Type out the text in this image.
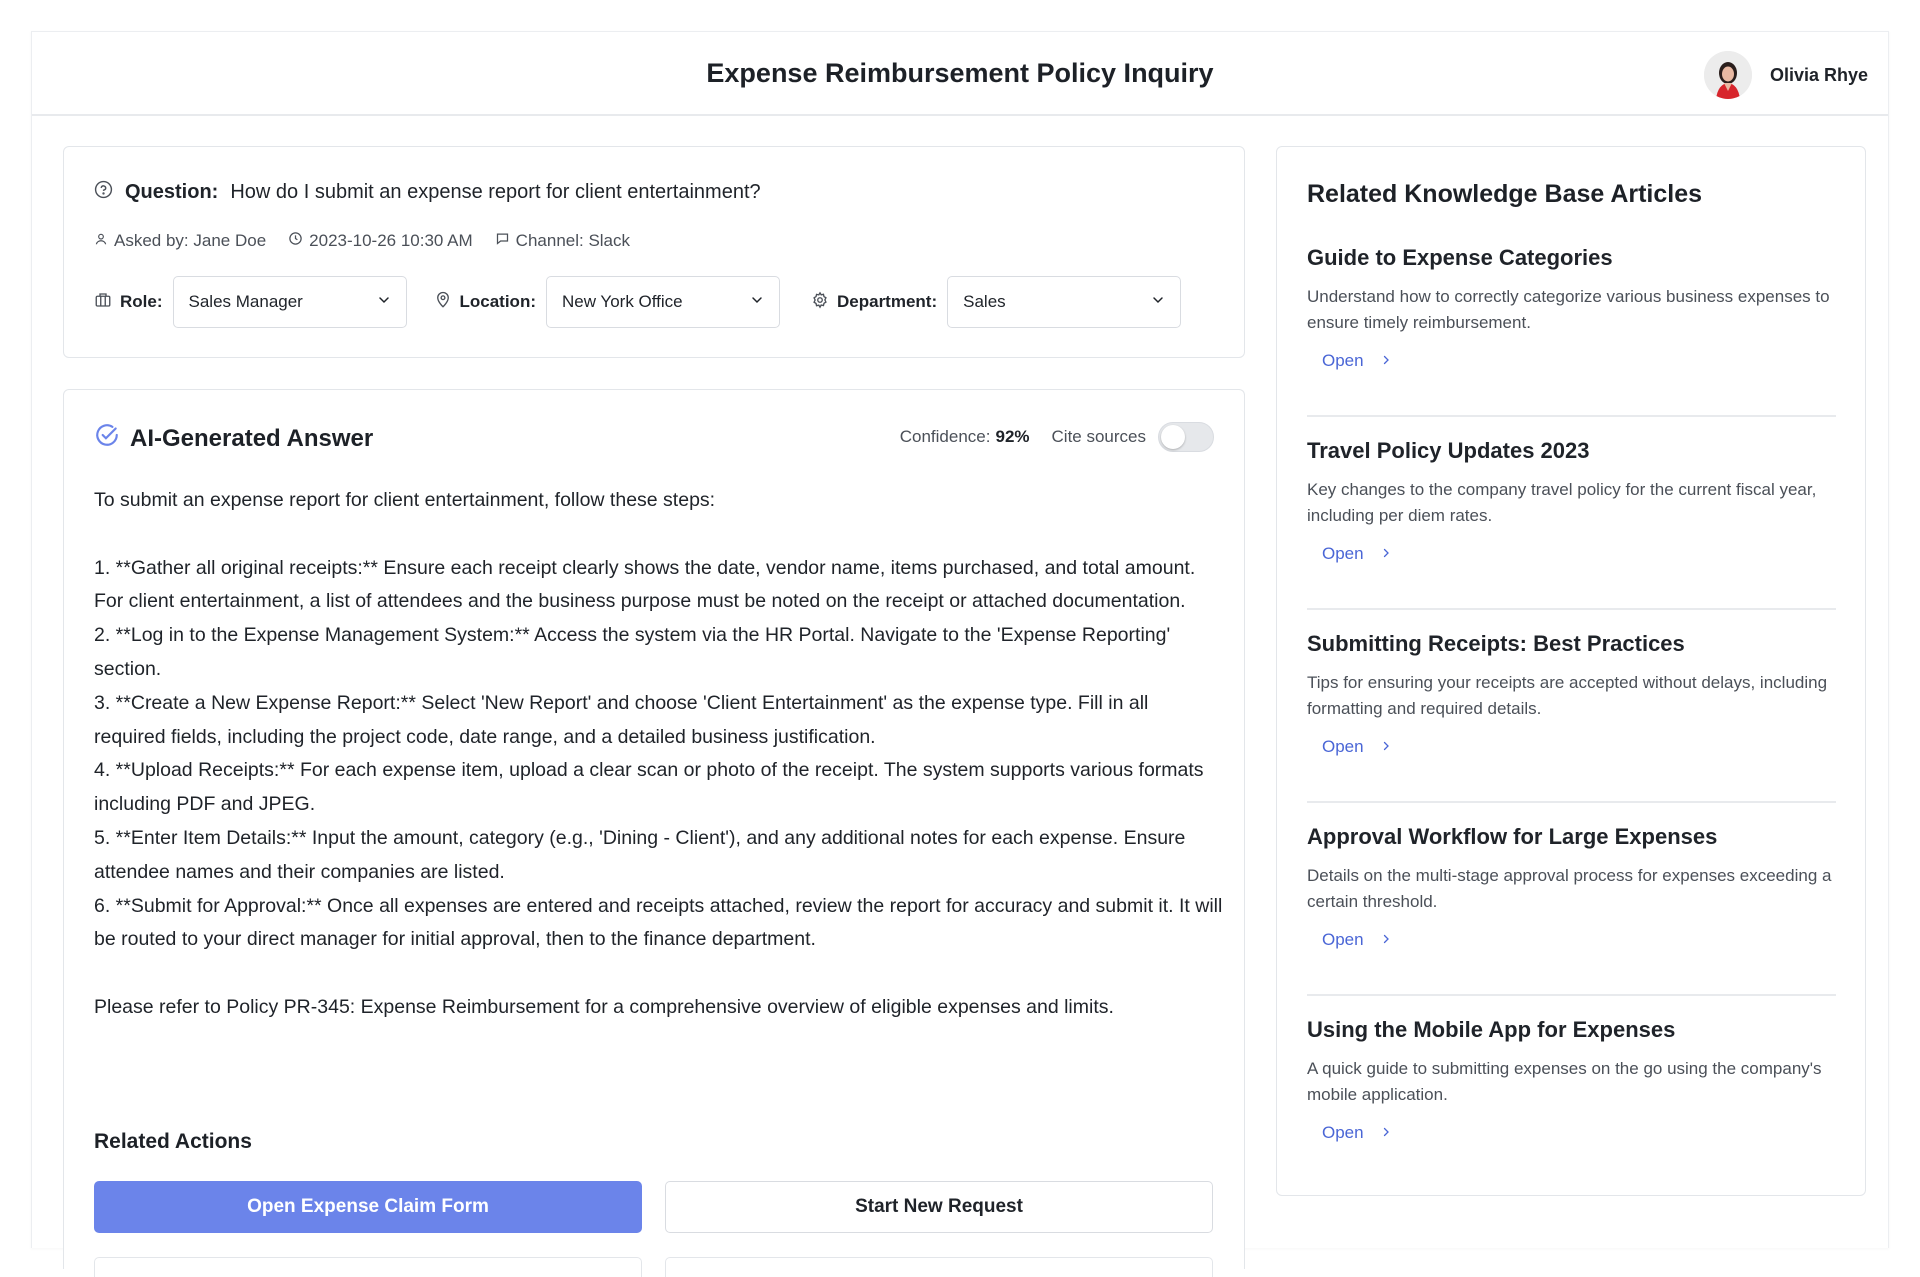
Expense Reimbursement Policy Inquiry	Olivia Rhye
Question: How do I submit an expense report for client entertainment?
Asked by: Jane Doe	2023-10-26 10:30 AM	Channel: Slack
Role: Sales Manager	Location: New York Office	Department: Sales
AI-Generated Answer	Confidence: 92% Cite sources

To submit an expense report for client entertainment, follow these steps:

1. **Gather all original receipts:** Ensure each receipt clearly shows the date, vendor name, items purchased, and total amount. For client entertainment, a list of attendees and the business purpose must be noted on the receipt or attached documentation.

2. **Log in to the Expense Management System:** Access the system via the HR Portal. Navigate to the 'Expense Reporting' section.

3. **Create a New Expense Report:** Select 'New Report' and choose 'Client Entertainment' as the expense type. Fill in all required fields, including the project code, date range, and a detailed business justification.

4. **Upload Receipts:** For each expense item, upload a clear scan or photo of the receipt. The system supports various formats including PDF and JPEG.

5. **Enter Item Details:** Input the amount, category (e.g., 'Dining - Client'), and any additional notes for each expense. Ensure attendee names and their companies are listed.

6. **Submit for Approval:** Once all expenses are entered and receipts attached, review the report for accuracy and submit it. It will be routed to your direct manager for initial approval, then to the finance department.

Please refer to Policy PR-345: Expense Reimbursement for a comprehensive overview of eligible expenses and limits.

Related Actions
Open Expense Claim Form	Start New Request
Related Knowledge Base Articles
Guide to Expense Categories
Understand how to correctly categorize various business expenses to ensure timely reimbursement.
Open
Travel Policy Updates 2023
Key changes to the company travel policy for the current fiscal year, including per diem rates.
Open
Submitting Receipts: Best Practices
Tips for ensuring your receipts are accepted without delays, including formatting and required details.
Open
Approval Workflow for Large Expenses
Details on the multi-stage approval process for expenses exceeding a certain threshold.
Open
Using the Mobile App for Expenses
A quick guide to submitting expenses on the go using the company's mobile application.
Open
